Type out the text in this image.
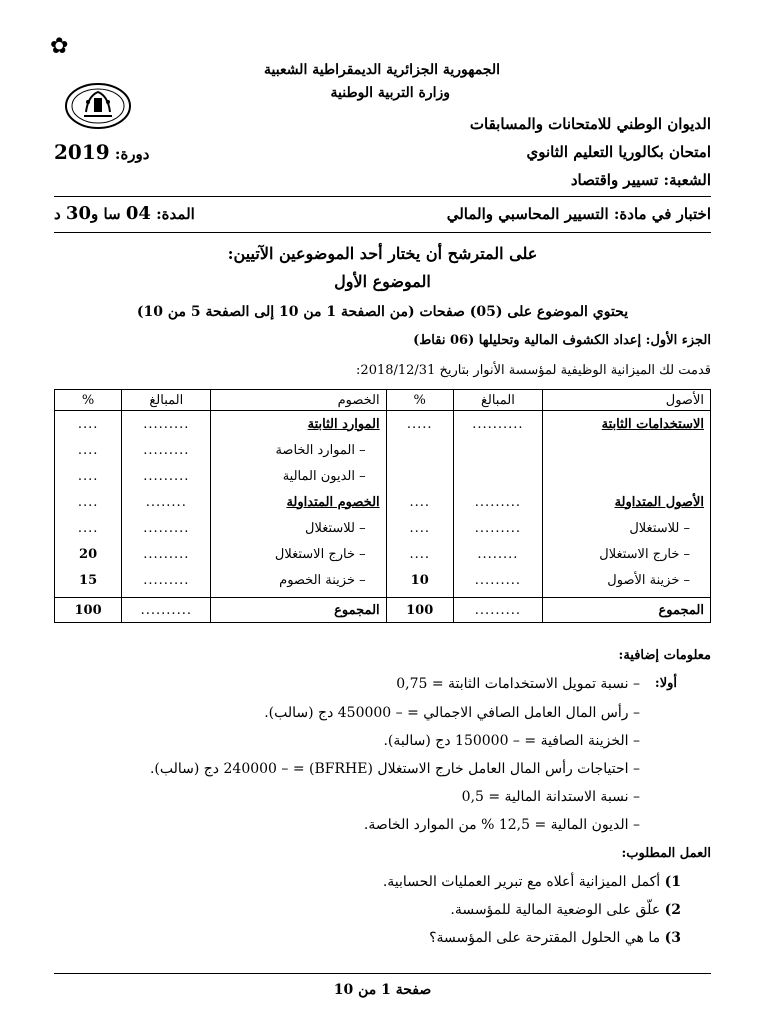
✿
الجمهورية الجزائرية الديمقراطية الشعبية
وزارة التربية الوطنية
الديوان الوطني للامتحانات والمسابقات
امتحان بكالوريا التعليم الثانوي
الشعبة: تسيير واقتصاد
دورة: 2019
اختبار في مادة: التسيير المحاسبي والمالي
المدة: 04 سا و30 د
على المترشح أن يختار أحد الموضوعين الآتيين:
الموضوع الأول
يحتوي الموضوع على (05) صفحات (من الصفحة 1 من 10 إلى الصفحة 5 من 10)
الجزء الأول: إعداد الكشوف المالية وتحليلها (06 نقاط)
قدمت لك الميزانية الوظيفية لمؤسسة الأنوار بتاريخ 2018/12/31:
الأصول	المبالغ	%	الخصوم	المبالغ	%
الاستخدامات الثابتة	..........	.....	الموارد الثابتة	.........	....
			– الموارد الخاصة	.........	....
			– الديون المالية	.........	....
الأصول المتداولة	.........	....	الخصوم المتداولة	........	....
– للاستغلال	.........	....	– للاستغلال	.........	....
– خارج الاستغلال	........	....	– خارج الاستغلال	.........	20
– خزينة الأصول	.........	10	– خزينة الخصوم	.........	15

المجموع	.........	100	المجموع	..........	100
معلومات إضافية:
أولا:
– نسبة تمويل الاستخدامات الثابتة = 0,75
– رأس المال العامل الصافي الاجمالي = – 450000 دج (سالب).
– الخزينة الصافية = – 150000 دج (سالبة).
– احتياجات رأس المال العامل خارج الاستغلال (BFRHE) = – 240000 دج (سالب).
– نسبة الاستدانة المالية = 0,5
– الديون المالية = 12,5 % من الموارد الخاصة.
العمل المطلوب:
1) أكمل الميزانية أعلاه مع تبرير العمليات الحسابية.
2) علّق على الوضعية المالية للمؤسسة.
3) ما هي الحلول المقترحة على المؤسسة؟
صفحة 1 من 10
